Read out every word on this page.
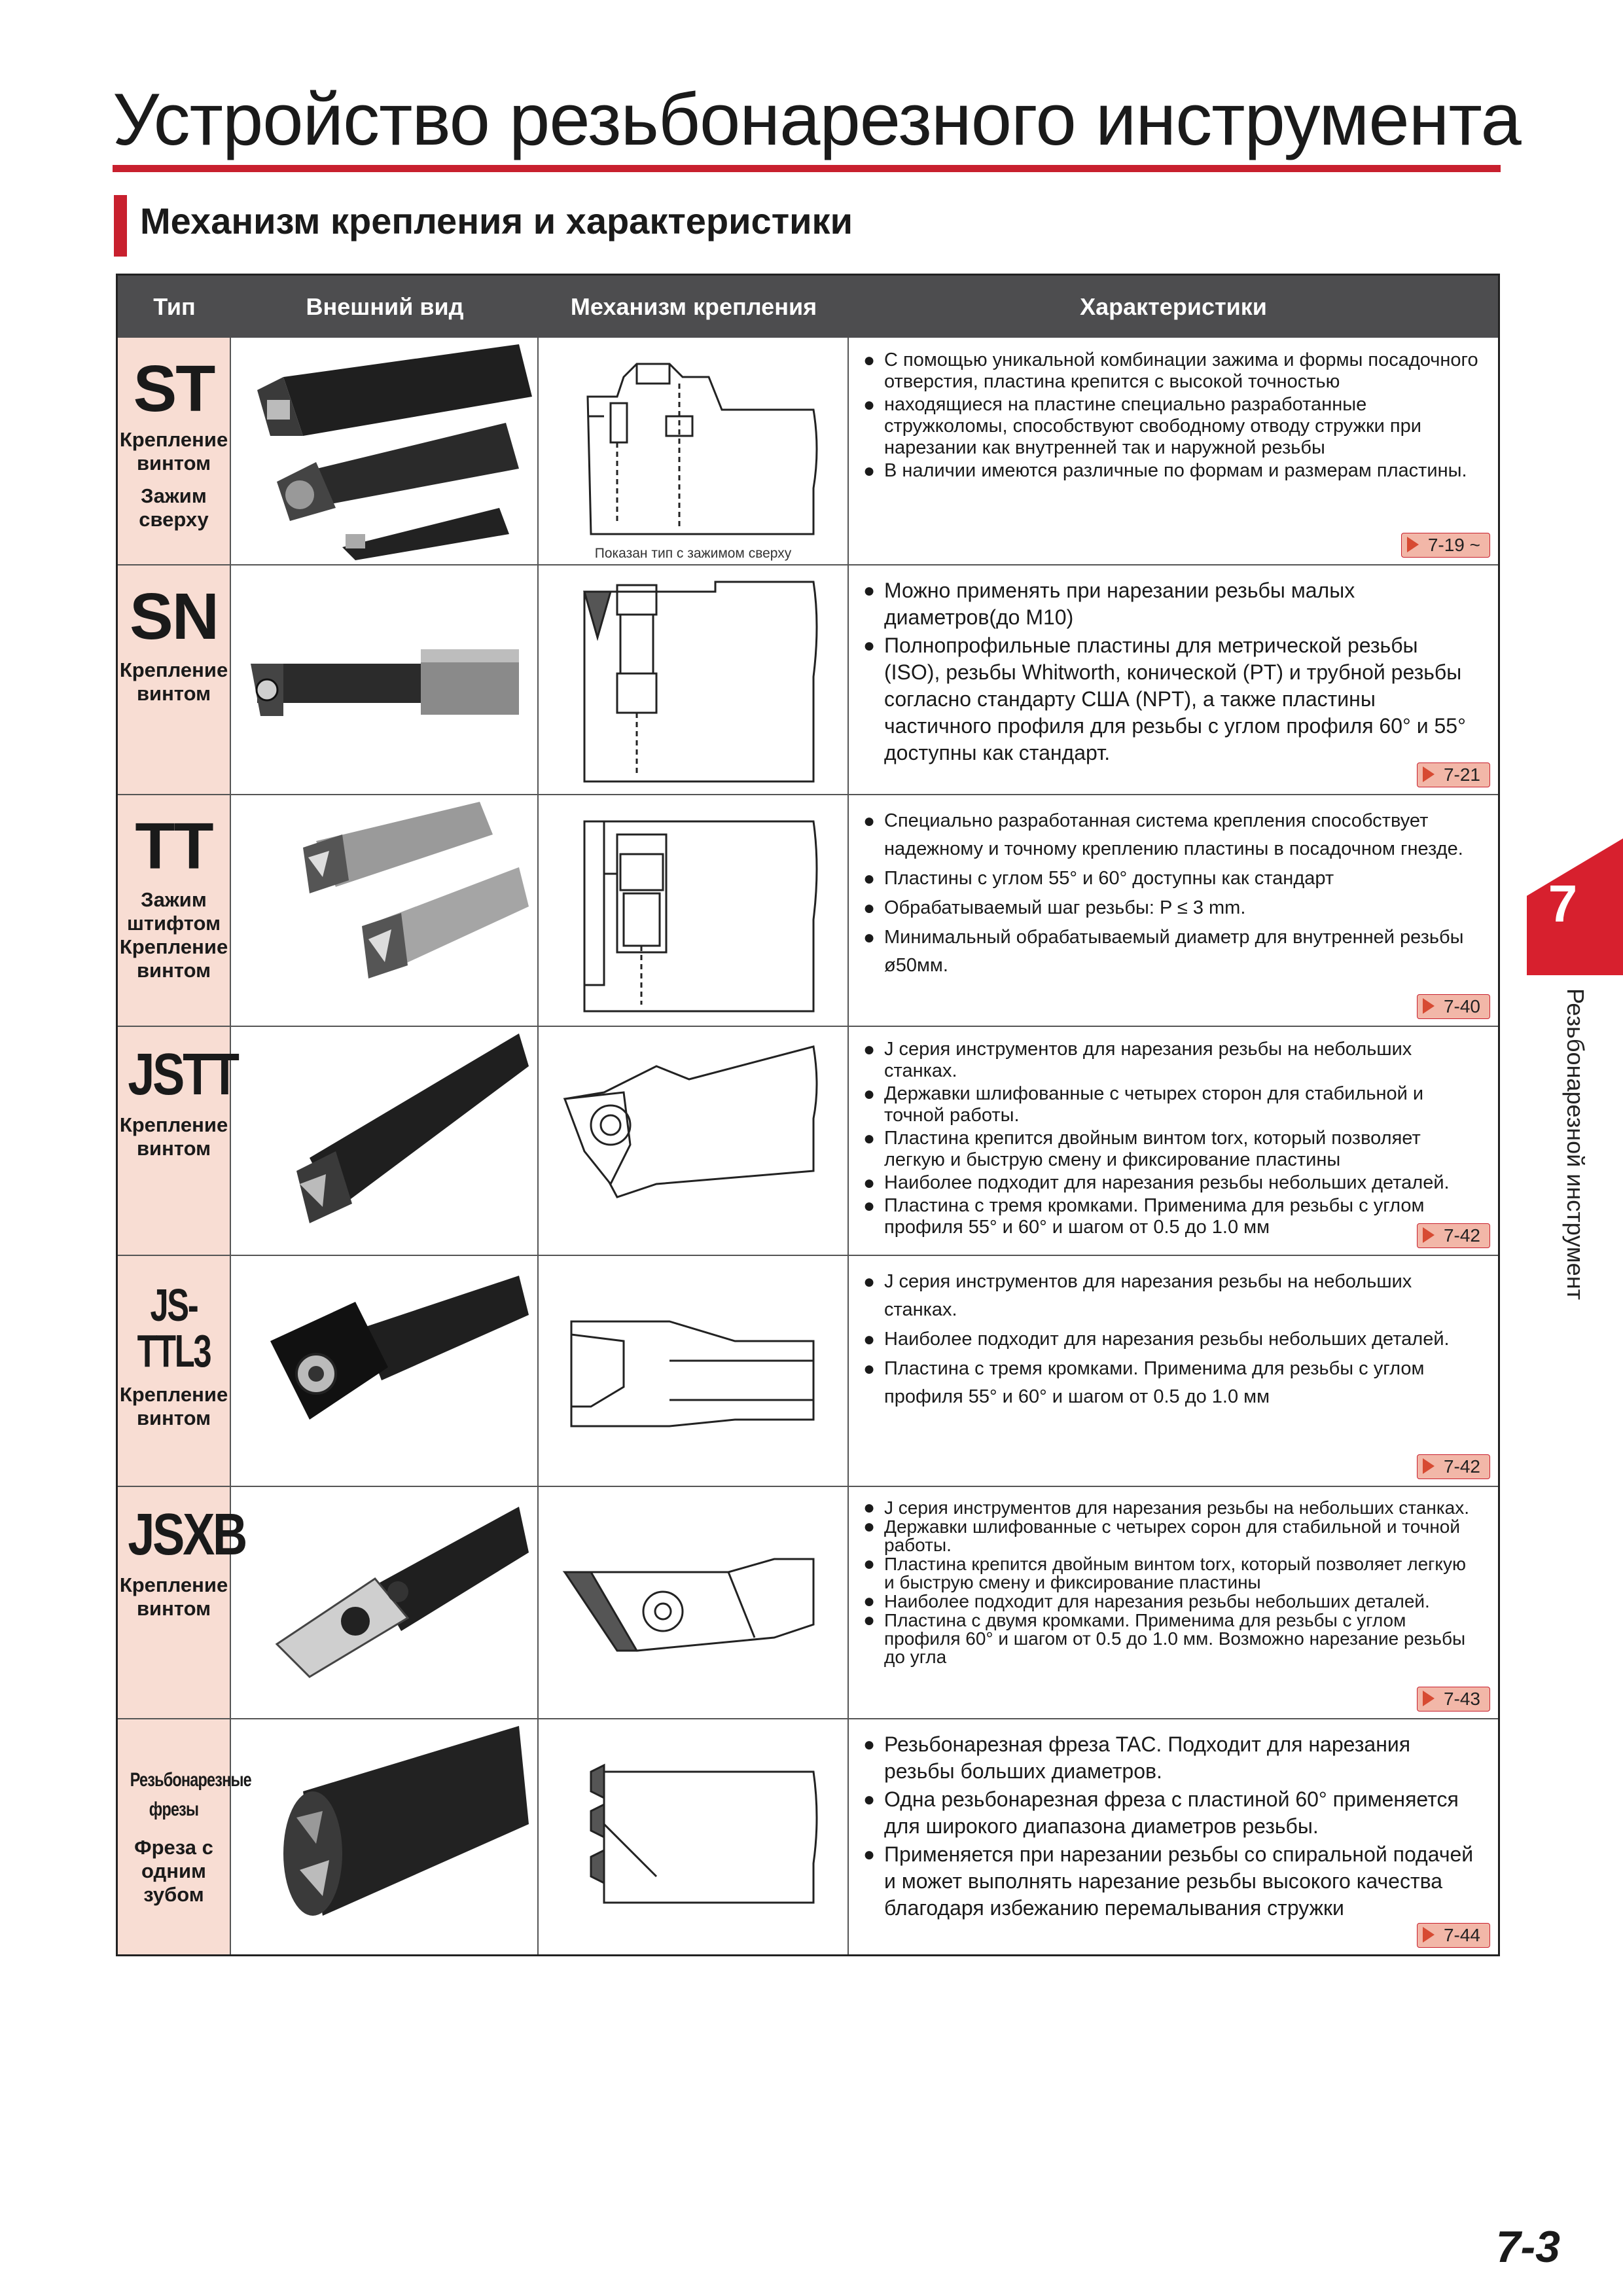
Устройство резьбонарезного инструмента
Механизм крепления и характеристики
Тип	Внешний вид	Механизм крепления	Характеристики
ST
Крепление винтом
Зажим сверху
Показан тип с зажимом сверху
● С помощью уникальной комбинации зажима и формы посадочного отверстия, пластина крепится с высокой точностью
● находящиеся на пластине специально разработанные стружколомы, способствуют свободному отводу стружки при нарезании как внутренней так и наружной резьбы
● В наличии имеются различные по формам и размерам пластины.
7-19 ~
SN
Крепление винтом
● Можно применять при нарезании резьбы малых диаметров(до M10)
● Полнопрофильные пластины для метрической резьбы (ISO), резьбы Whitworth, конической (PT) и трубной резьбы согласно стандарту США (NPT), а также пластины частичного профиля для резьбы с углом профиля 60° и 55° доступны как стандарт.
7-21
TT
Зажим штифтом
Крепление винтом
● Специально разработанная система крепления способствует надежному и точному креплению пластины в посадочном гнезде.
● Пластины с углом 55° и 60° доступны как стандарт
● Обрабатываемый шаг резьбы: P ≤ 3 mm.
● Минимальный обрабатываемый диаметр для внутренней резьбы ø50мм.
7-40
JSTT
Крепление винтом
● J серия инструментов для нарезания резьбы на небольших станках.
● Державки шлифованные с четырех сторон для стабильной и точной работы.
● Пластина крепится двойным винтом torx, который позволяет легкую и быструю смену и фиксирование пластины
● Наиболее подходит для нарезания резьбы небольших деталей.
● Пластина с тремя кромками. Применима для резьбы с углом профиля 55° и 60° и шагом от 0.5 до 1.0 мм	7-42
JS-TTL3
Крепление винтом
● J серия инструментов для нарезания резьбы на небольших станках.
● Наиболее подходит для нарезания резьбы небольших деталей.
● Пластина с тремя кромками. Применима для резьбы с углом профиля 55° и 60° и шагом от 0.5 до 1.0 мм
7-42
JSXB
Крепление винтом
● J серия инструментов для нарезания резьбы на небольших станках.
● Державки шлифованные с четырех сорон для стабильной и точной работы.
● Пластина крепится двойным винтом torx, который позволяет легкую и быструю смену и фиксирование пластины
● Наиболее подходит для нарезания резьбы небольших деталей.
● Пластина с двумя кромками. Применима для резьбы с углом профиля 60° и шагом от 0.5 до 1.0 мм. Возможно нарезание резьбы до угла
7-43
Резьбонарезные фрезы
Фреза с одним зубом
● Резьбонарезная фреза TAC. Подходит для нарезания резьбы больших диаметров.
● Одна резьбонарезная фреза с пластиной 60° применяется для широкого диапазона диаметров резьбы.
● Применяется при нарезании резьбы со спиральной подачей и может выполнять нарезание резьбы высокого качества благодаря избежанию перемалывания стружки
7-44
7
Резьбонарезной инструмент
7-3
